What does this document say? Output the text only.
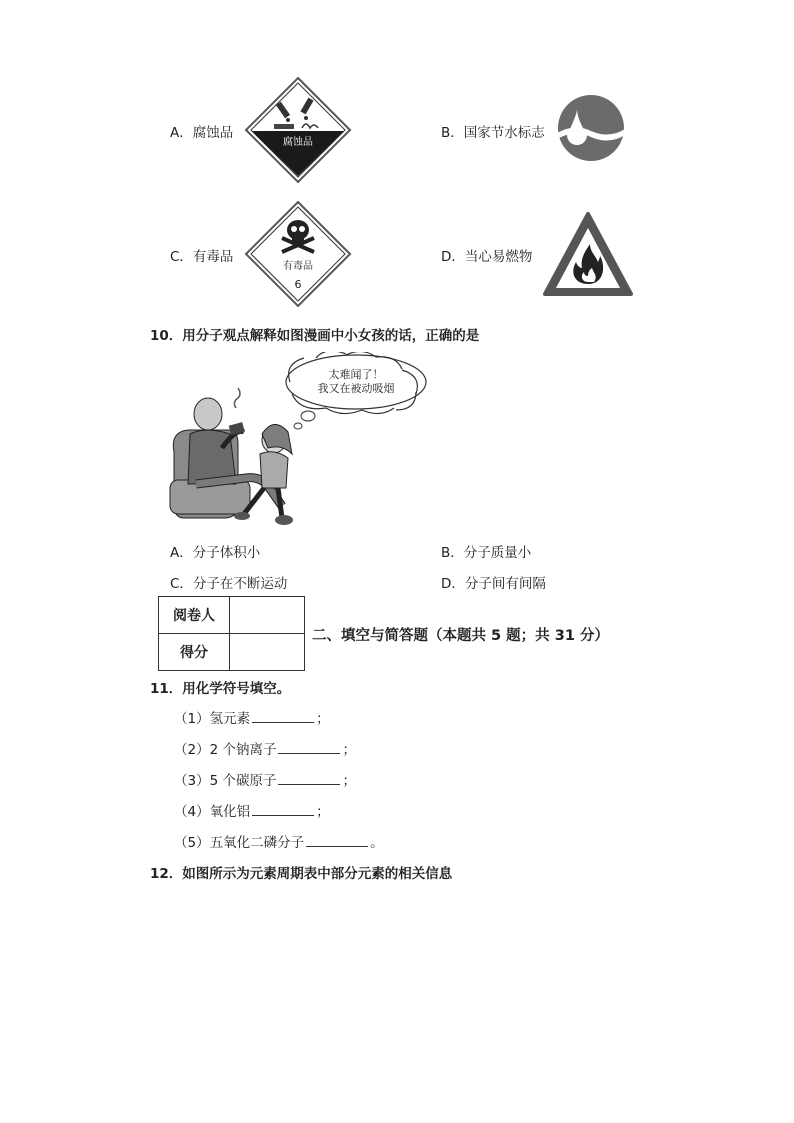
A．腐蚀品
腐蚀品
B．国家节水标志
C．有毒品
有毒品
6
D．当心易燃物
10．用分子观点解释如图漫画中小女孩的话，正确的是
太难闻了！
我又在被动吸烟
A．分子体积小	B．分子质量小
C．分子在不断运动	D．分子间有间隔
阅卷人	
得分	
二、填空与简答题（本题共 5 题；共 31 分）
11．用化学符号填空。
（1）氢元素	；
（2）2 个钠离子	；
（3）5 个碳原子	；
（4）氧化铝	；
（5）五氧化二磷分子	。
12．如图所示为元素周期表中部分元素的相关信息
